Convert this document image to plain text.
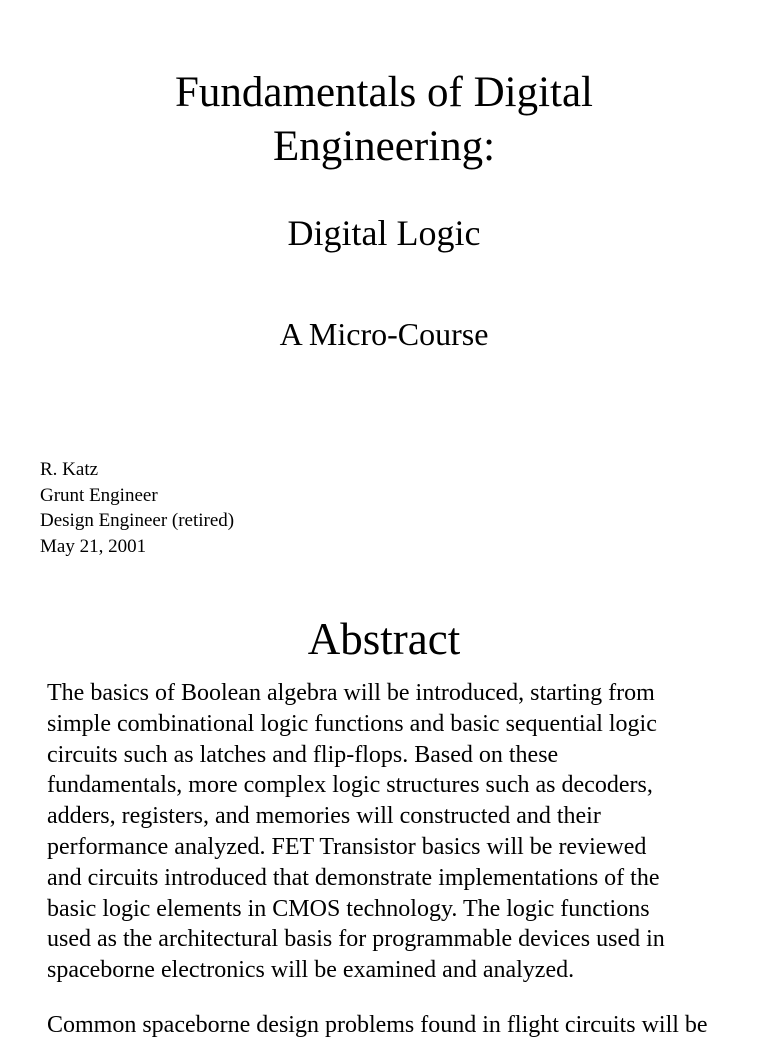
Fundamentals of Digital
Engineering:
Digital Logic
A Micro-Course
R. Katz
Grunt Engineer
Design Engineer (retired)
May 21, 2001
Abstract
The basics of Boolean algebra will be introduced, starting from
simple combinational logic functions and basic sequential logic
circuits such as latches and flip-flops. Based on these
fundamentals, more complex logic structures such as decoders,
adders, registers, and memories will constructed and their
performance analyzed. FET Transistor basics will be reviewed
and circuits introduced that demonstrate implementations of the
basic logic elements in CMOS technology. The logic functions
used as the architectural basis for programmable devices used in
spaceborne electronics will be examined and analyzed.
Common spaceborne design problems found in flight circuits will be
